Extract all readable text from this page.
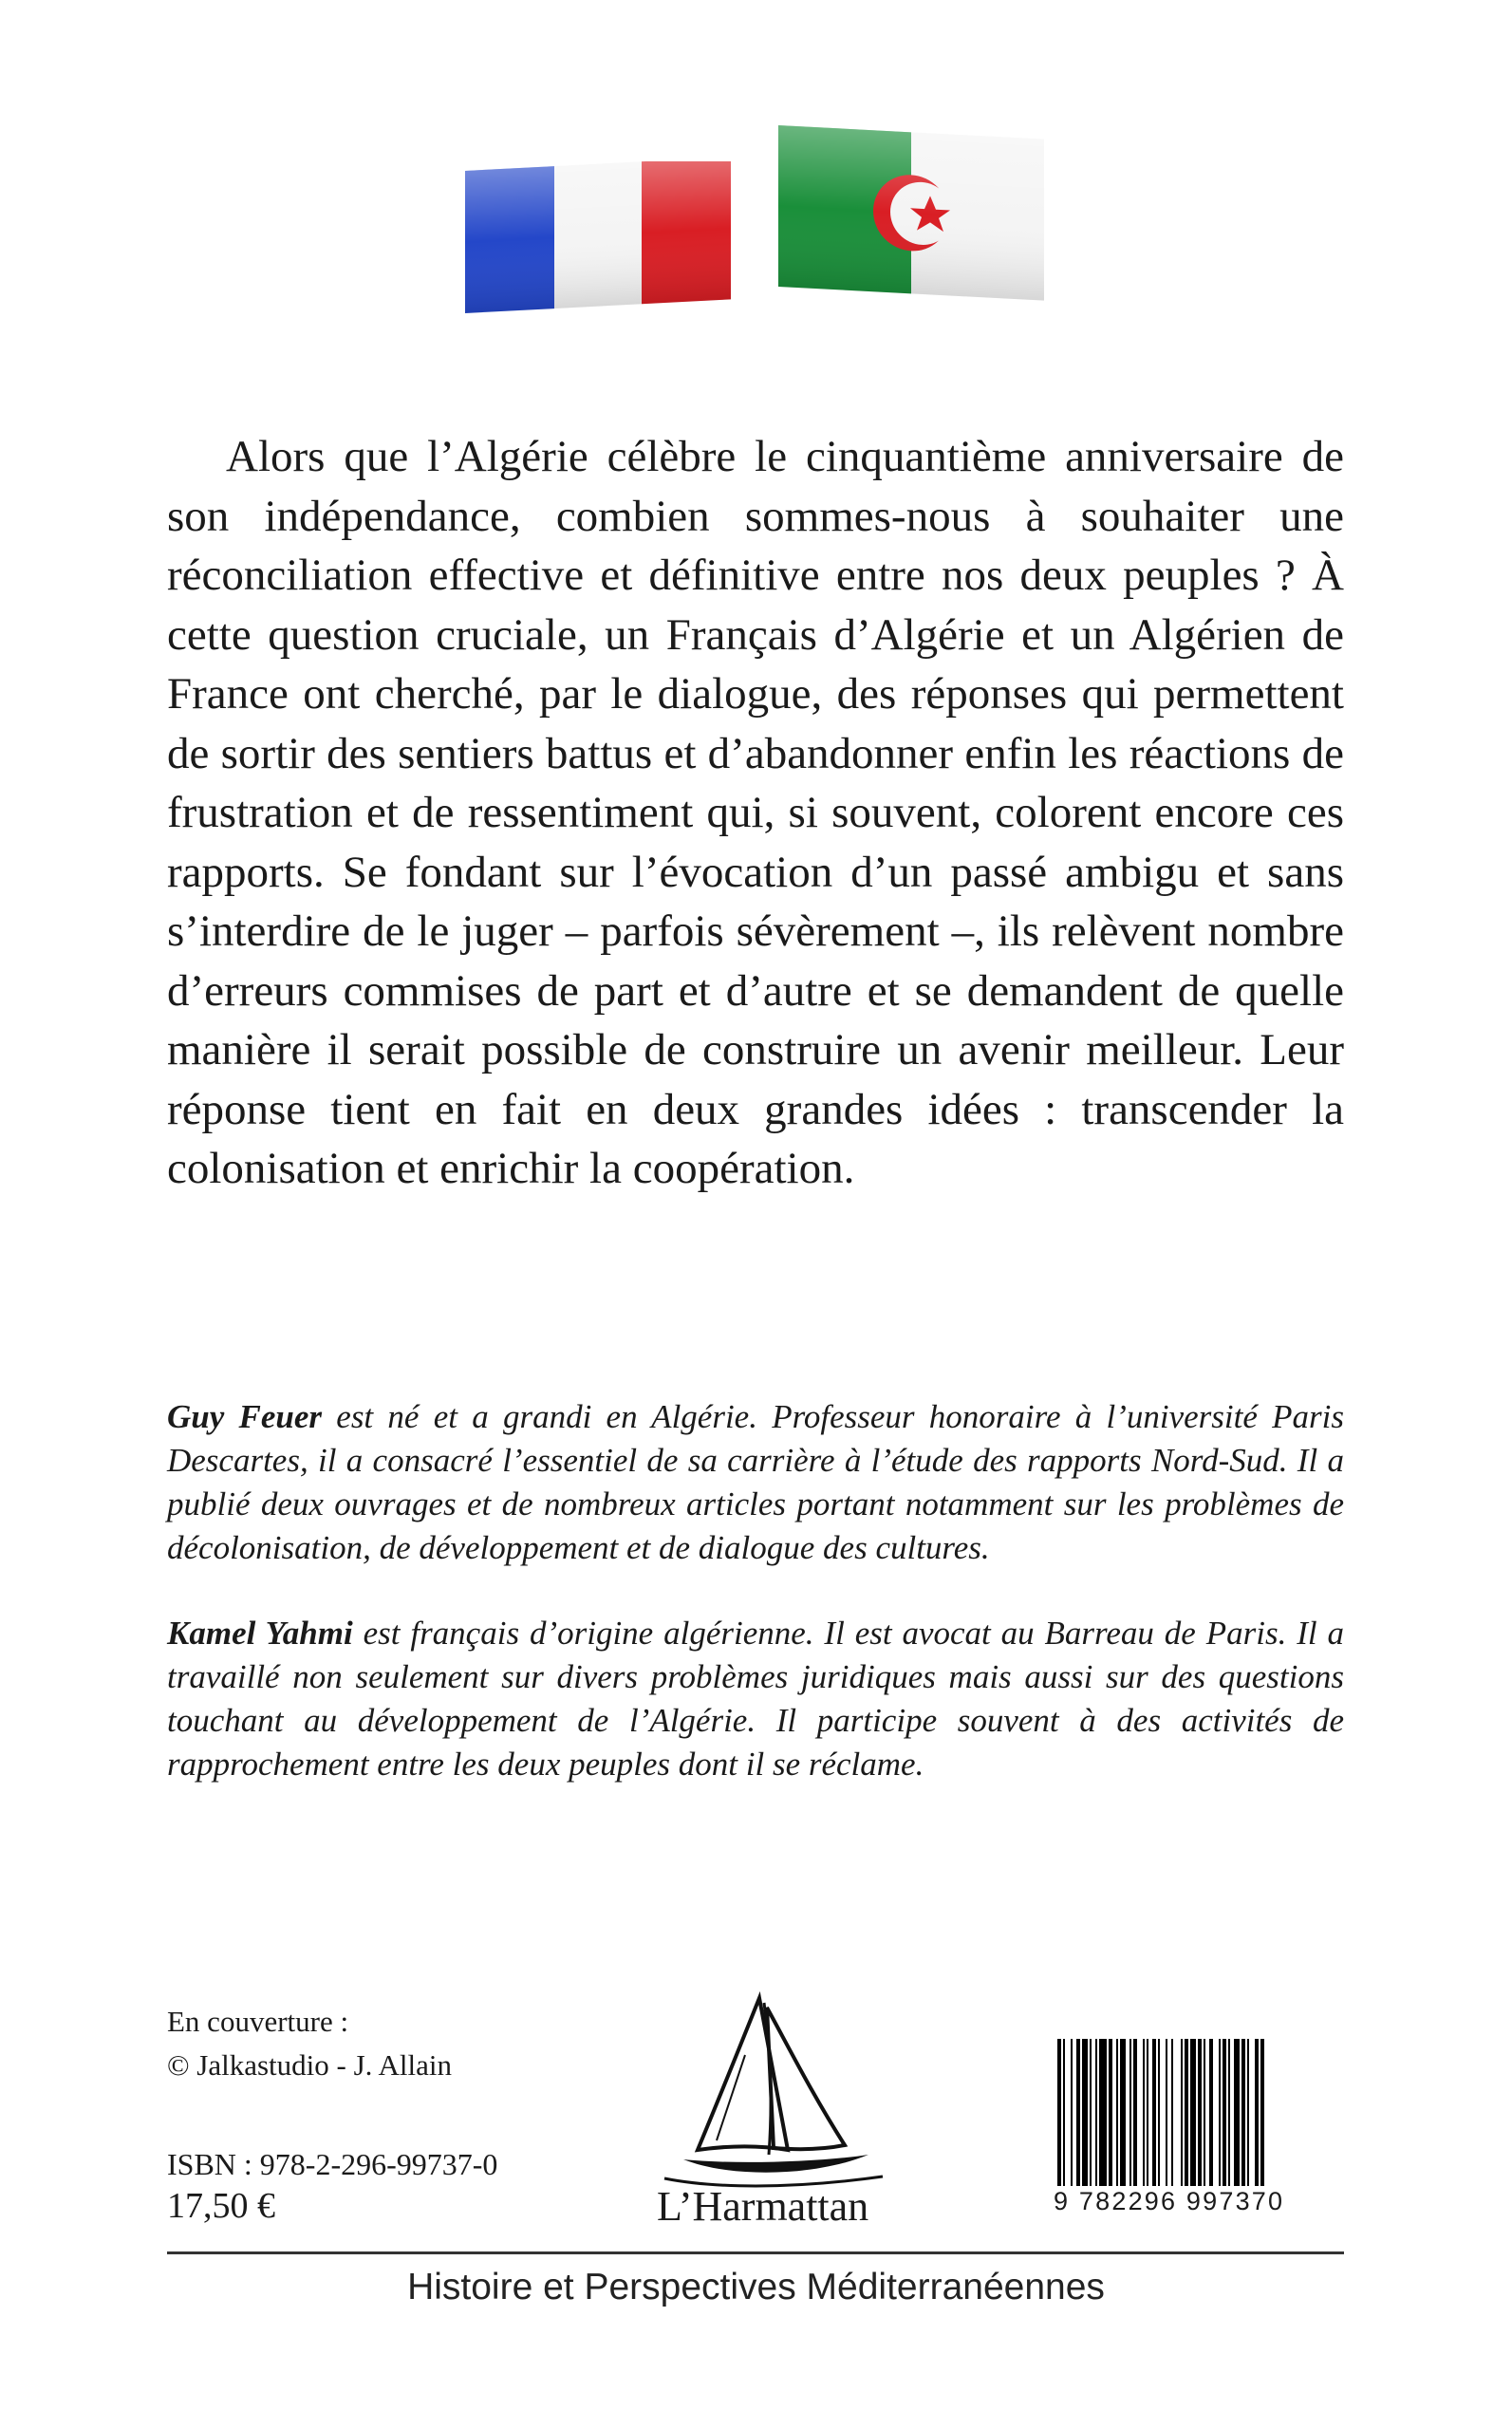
Alors que l’Algérie célèbre le cinquantième anniversaire de son indépendance, combien sommes-nous à souhaiter une réconciliation effective et définitive entre nos deux peuples ? À cette question cruciale, un Français d’Algérie et un Algérien de France ont cherché, par le dialogue, des réponses qui permettent de sortir des sentiers battus et d’abandonner enfin les réactions de frustration et de ressentiment qui, si souvent, colorent encore ces rapports. Se fondant sur l’évocation d’un passé ambigu et sans s’interdire de le juger – parfois sévèrement –, ils relèvent nombre d’erreurs commises de part et d’autre et se demandent de quelle manière il serait possible de construire un avenir meilleur. Leur réponse tient en fait en deux grandes idées : transcender la colonisation et enrichir la coopération.

Guy Feuer est né et a grandi en Algérie. Professeur honoraire à l’université Paris Descartes, il a consacré l’essentiel de sa carrière à l’étude des rapports Nord-Sud. Il a publié deux ouvrages et de nombreux articles portant notamment sur les problèmes de décolonisation, de développement et de dialogue des cultures.

Kamel Yahmi est français d’origine algérienne. Il est avocat au Barreau de Paris. Il a travaillé non seulement sur divers problèmes juridiques mais aussi sur des questions touchant au développement de l’Algérie. Il participe souvent à des activités de rapprochement entre les deux peuples dont il se réclame.

En couverture :
© Jalkastudio - J. Allain
ISBN : 978-2-296-99737-0
17,50 €	L’Harmattan	9 782296 997370
Histoire et Perspectives Méditerranéennes
